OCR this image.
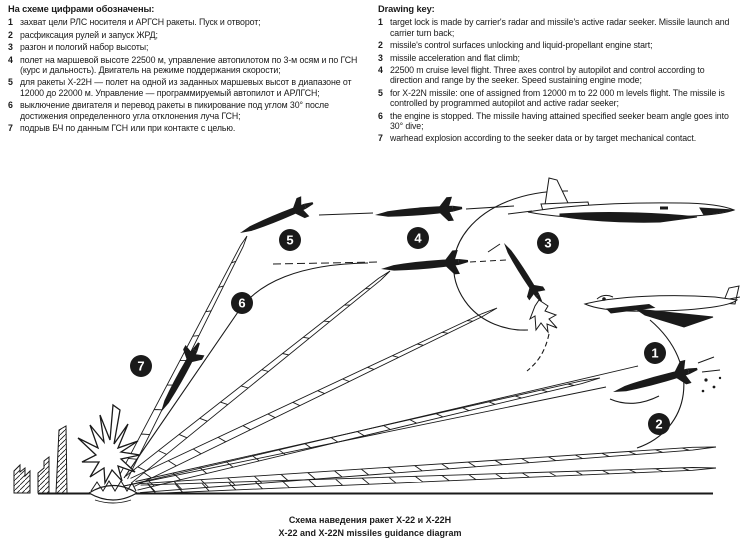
На схеме цифрами обозначены:
1 захват цели РЛС носителя и АРГСН ракеты. Пуск и отворот;
2 расфиксация рулей и запуск ЖРД;
3 разгон и пологий набор высоты;
4 полет на маршевой высоте 22500 м, управление автопилотом по 3-м осям и по ГСН (курс и дальность). Двигатель на режиме поддержания скорости;
5 для ракеты Х-22Н — полет на одной из заданных маршевых высот в диапазоне от 12000 до 22000 м. Управление — программируемый автопилот и АРЛГСН;
6 выключение двигателя и перевод ракеты в пикирование под углом 30° после достижения определенного угла отклонения луча ГСН;
7 подрыв БЧ по данным ГСН или при контакте с целью.
Drawing key:
1 target lock is made by carrier's radar and missile's active radar seeker. Missile launch and carrier turn back;
2 missile's control surfaces unlocking and liquid-propellant engine start;
3 missile acceleration and flat climb;
4 22500 m cruise level flight. Three axes control by autopilot and control according to direction and range by the seeker. Speed sustaining engine mode;
5 for X-22N missile: one of assigned from 12000 m to 22 000 m levels flight. The missile is controlled by programmed autopilot and active radar seeker;
6 the engine is stopped. The missile having attained specified seeker beam angle goes into 30° dive;
7 warhead explosion according to the seeker data or by target mechanical contact.
1
2
3
4
5
6
7
Схема наведения ракет Х-22 и Х-22Н
X-22 and X-22N missiles guidance diagram
